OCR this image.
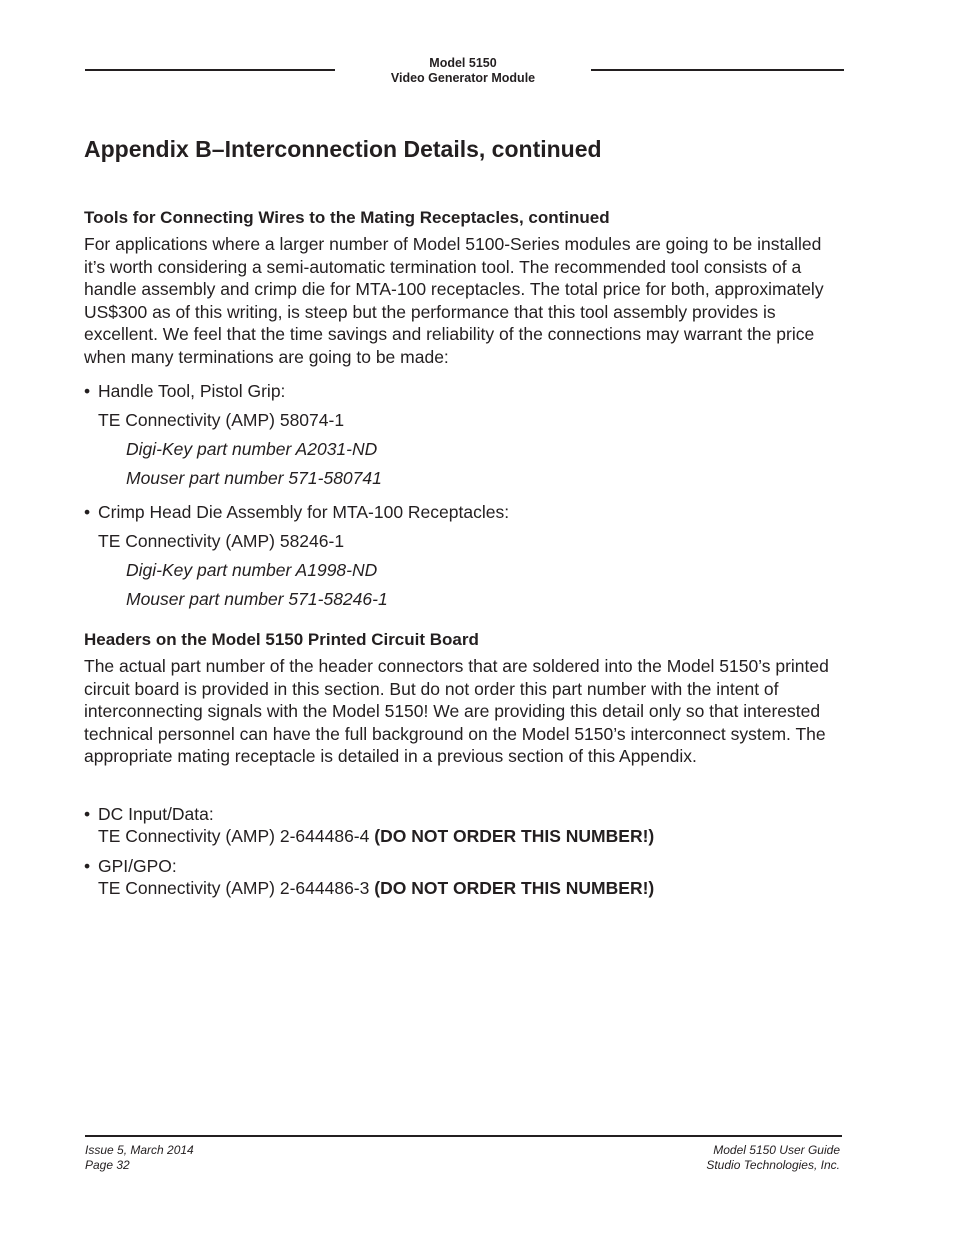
Model 5150
Video Generator Module
Appendix B–Interconnection Details, continued
Tools for Connecting Wires to the Mating Receptacles, continued

For applications where a larger number of Model 5100-Series modules are going to be installed it’s worth considering a semi-automatic termination tool. The recommended tool consists of a handle assembly and crimp die for MTA-100 receptacles. The total price for both, approximately US$300 as of this writing, is steep but the performance that this tool assembly provides is excellent. We feel that the time savings and reliability of the connections may warrant the price when many terminations are going to be made:

• Handle Tool, Pistol Grip:
TE Connectivity (AMP) 58074-1
Digi-Key part number A2031-ND
Mouser part number 571-580741
• Crimp Head Die Assembly for MTA-100 Receptacles:
TE Connectivity (AMP) 58246-1
Digi-Key part number A1998-ND
Mouser part number 571-58246-1
Headers on the Model 5150 Printed Circuit Board

The actual part number of the header connectors that are soldered into the Model 5150’s printed circuit board is provided in this section. But do not order this part number with the intent of interconnecting signals with the Model 5150! We are providing this detail only so that interested technical personnel can have the full background on the Model 5150’s interconnect system. The appropriate mating receptacle is detailed in a previous section of this Appendix.

• DC Input/Data:
TE Connectivity (AMP) 2-644486-4 (DO NOT ORDER THIS NUMBER!)
• GPI/GPO:
TE Connectivity (AMP) 2-644486-3 (DO NOT ORDER THIS NUMBER!)
Issue 5, March 2014
Page 32
Model 5150 User Guide
Studio Technologies, Inc.
